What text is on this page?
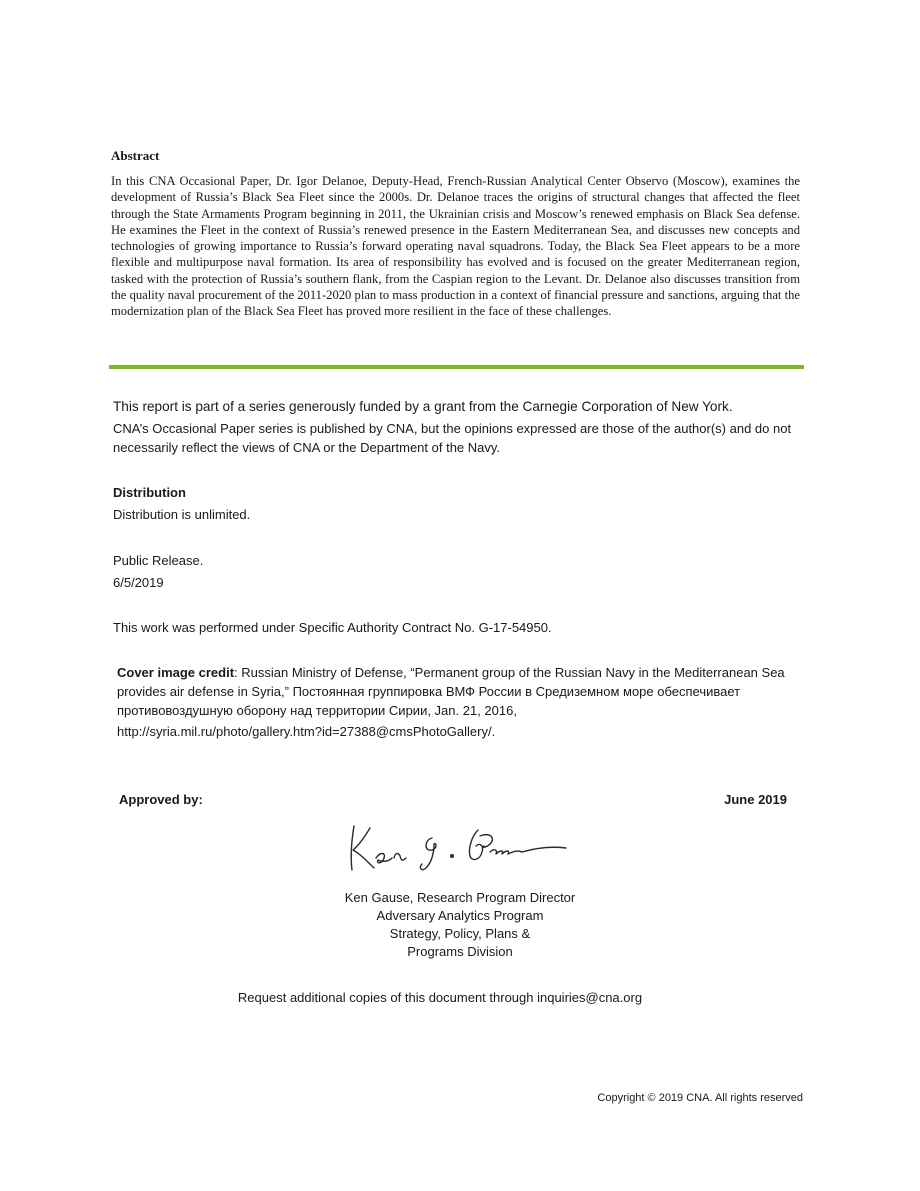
Abstract
In this CNA Occasional Paper, Dr. Igor Delanoe, Deputy-Head, French-Russian Analytical Center Observo (Moscow), examines the development of Russia’s Black Sea Fleet since the 2000s. Dr. Delanoe traces the origins of structural changes that affected the fleet through the State Armaments Program beginning in 2011, the Ukrainian crisis and Moscow’s renewed emphasis on Black Sea defense. He examines the Fleet in the context of Russia’s renewed presence in the Eastern Mediterranean Sea, and discusses new concepts and technologies of growing importance to Russia’s forward operating naval squadrons. Today, the Black Sea Fleet appears to be a more flexible and multipurpose naval formation. Its area of responsibility has evolved and is focused on the greater Mediterranean region, tasked with the protection of Russia’s southern flank, from the Caspian region to the Levant. Dr. Delanoe also discusses transition from the quality naval procurement of the 2011-2020 plan to mass production in a context of financial pressure and sanctions, arguing that the modernization plan of the Black Sea Fleet has proved more resilient in the face of these challenges.
This report is part of a series generously funded by a grant from the Carnegie Corporation of New York.
CNA’s Occasional Paper series is published by CNA, but the opinions expressed are those of the author(s) and do not necessarily reflect the views of CNA or the Department of the Navy.
Distribution
Distribution is unlimited.
Public Release.
6/5/2019
This work was performed under Specific Authority Contract No. G-17-54950.
Cover image credit: Russian Ministry of Defense, “Permanent group of the Russian Navy in the Mediterranean Sea provides air defense in Syria,” Постоянная группировка ВМФ России в Средиземном море обеспечивает противовоздушную оборону над территории Сирии, Jan. 21, 2016,
http://syria.mil.ru/photo/gallery.htm?id=27388@cmsPhotoGallery/.
Approved by:	June 2019
Ken Gause, Research Program Director
Adversary Analytics Program
Strategy, Policy, Plans &
Programs Division
Request additional copies of this document through inquiries@cna.org
Copyright © 2019 CNA. All rights reserved
